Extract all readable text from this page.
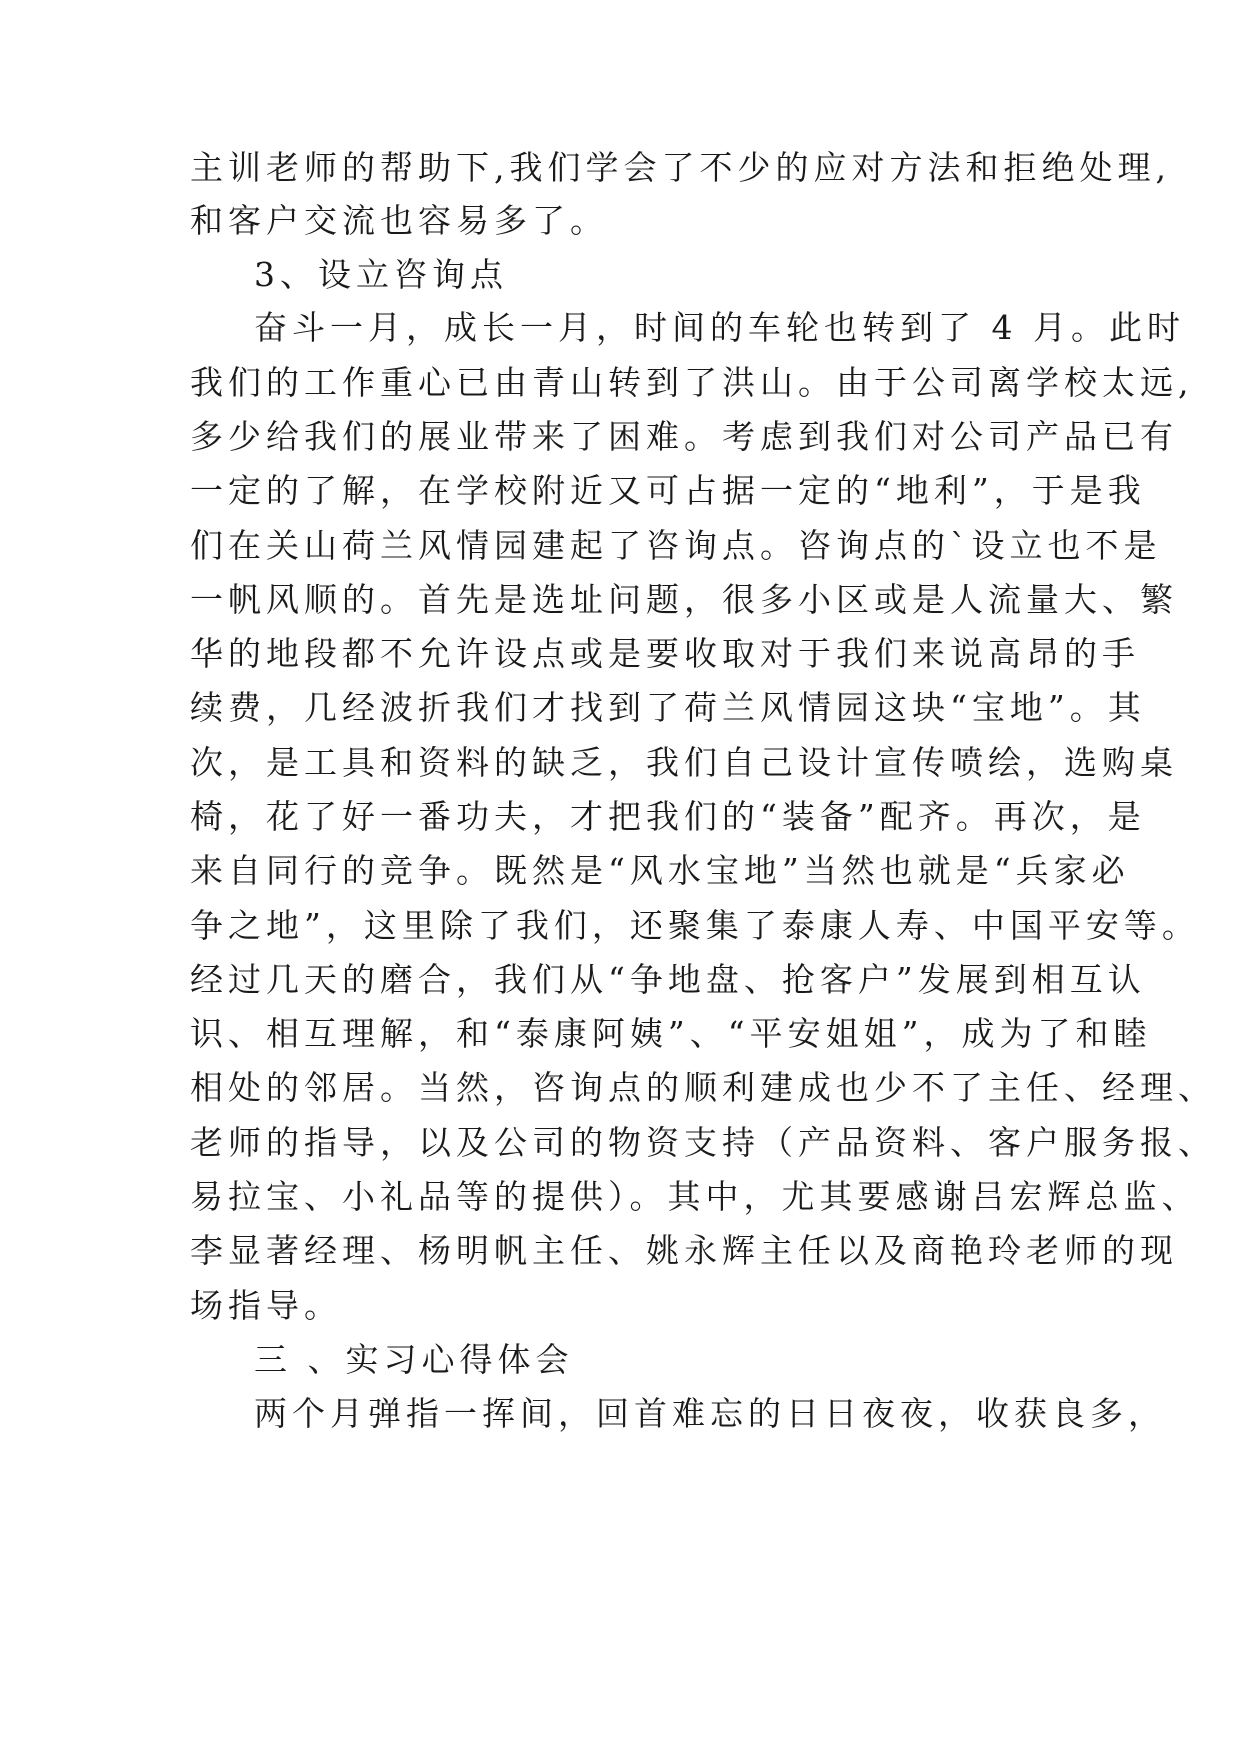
主训老师的帮助下,我们学会了不少的应对方法和拒绝处理,
和客户交流也容易多了。
3、设立咨询点
奋斗一月，成长一月，时间的车轮也转到了 4 月。此时
我们的工作重心已由青山转到了洪山。由于公司离学校太远,
多少给我们的展业带来了困难。考虑到我们对公司产品已有
一定的了解，在学校附近又可占据一定的“地利”，于是我
们在关山荷兰风情园建起了咨询点。咨询点的`设立也不是
一帆风顺的。首先是选址问题，很多小区或是人流量大、繁
华的地段都不允许设点或是要收取对于我们来说高昂的手
续费，几经波折我们才找到了荷兰风情园这块“宝地”。其
次，是工具和资料的缺乏，我们自己设计宣传喷绘，选购桌
椅，花了好一番功夫，才把我们的“装备”配齐。再次，是
来自同行的竞争。既然是“风水宝地”当然也就是“兵家必
争之地”，这里除了我们，还聚集了泰康人寿、中国平安等。
经过几天的磨合，我们从“争地盘、抢客户”发展到相互认
识、相互理解，和“泰康阿姨”、“平安姐姐”，成为了和睦
相处的邻居。当然，咨询点的顺利建成也少不了主任、经理、
老师的指导，以及公司的物资支持（产品资料、客户服务报、
易拉宝、小礼品等的提供）。其中，尤其要感谢吕宏辉总监、
李显著经理、杨明帆主任、姚永辉主任以及商艳玲老师的现
场指导。
三 、实习心得体会
两个月弹指一挥间，回首难忘的日日夜夜，收获良多，
